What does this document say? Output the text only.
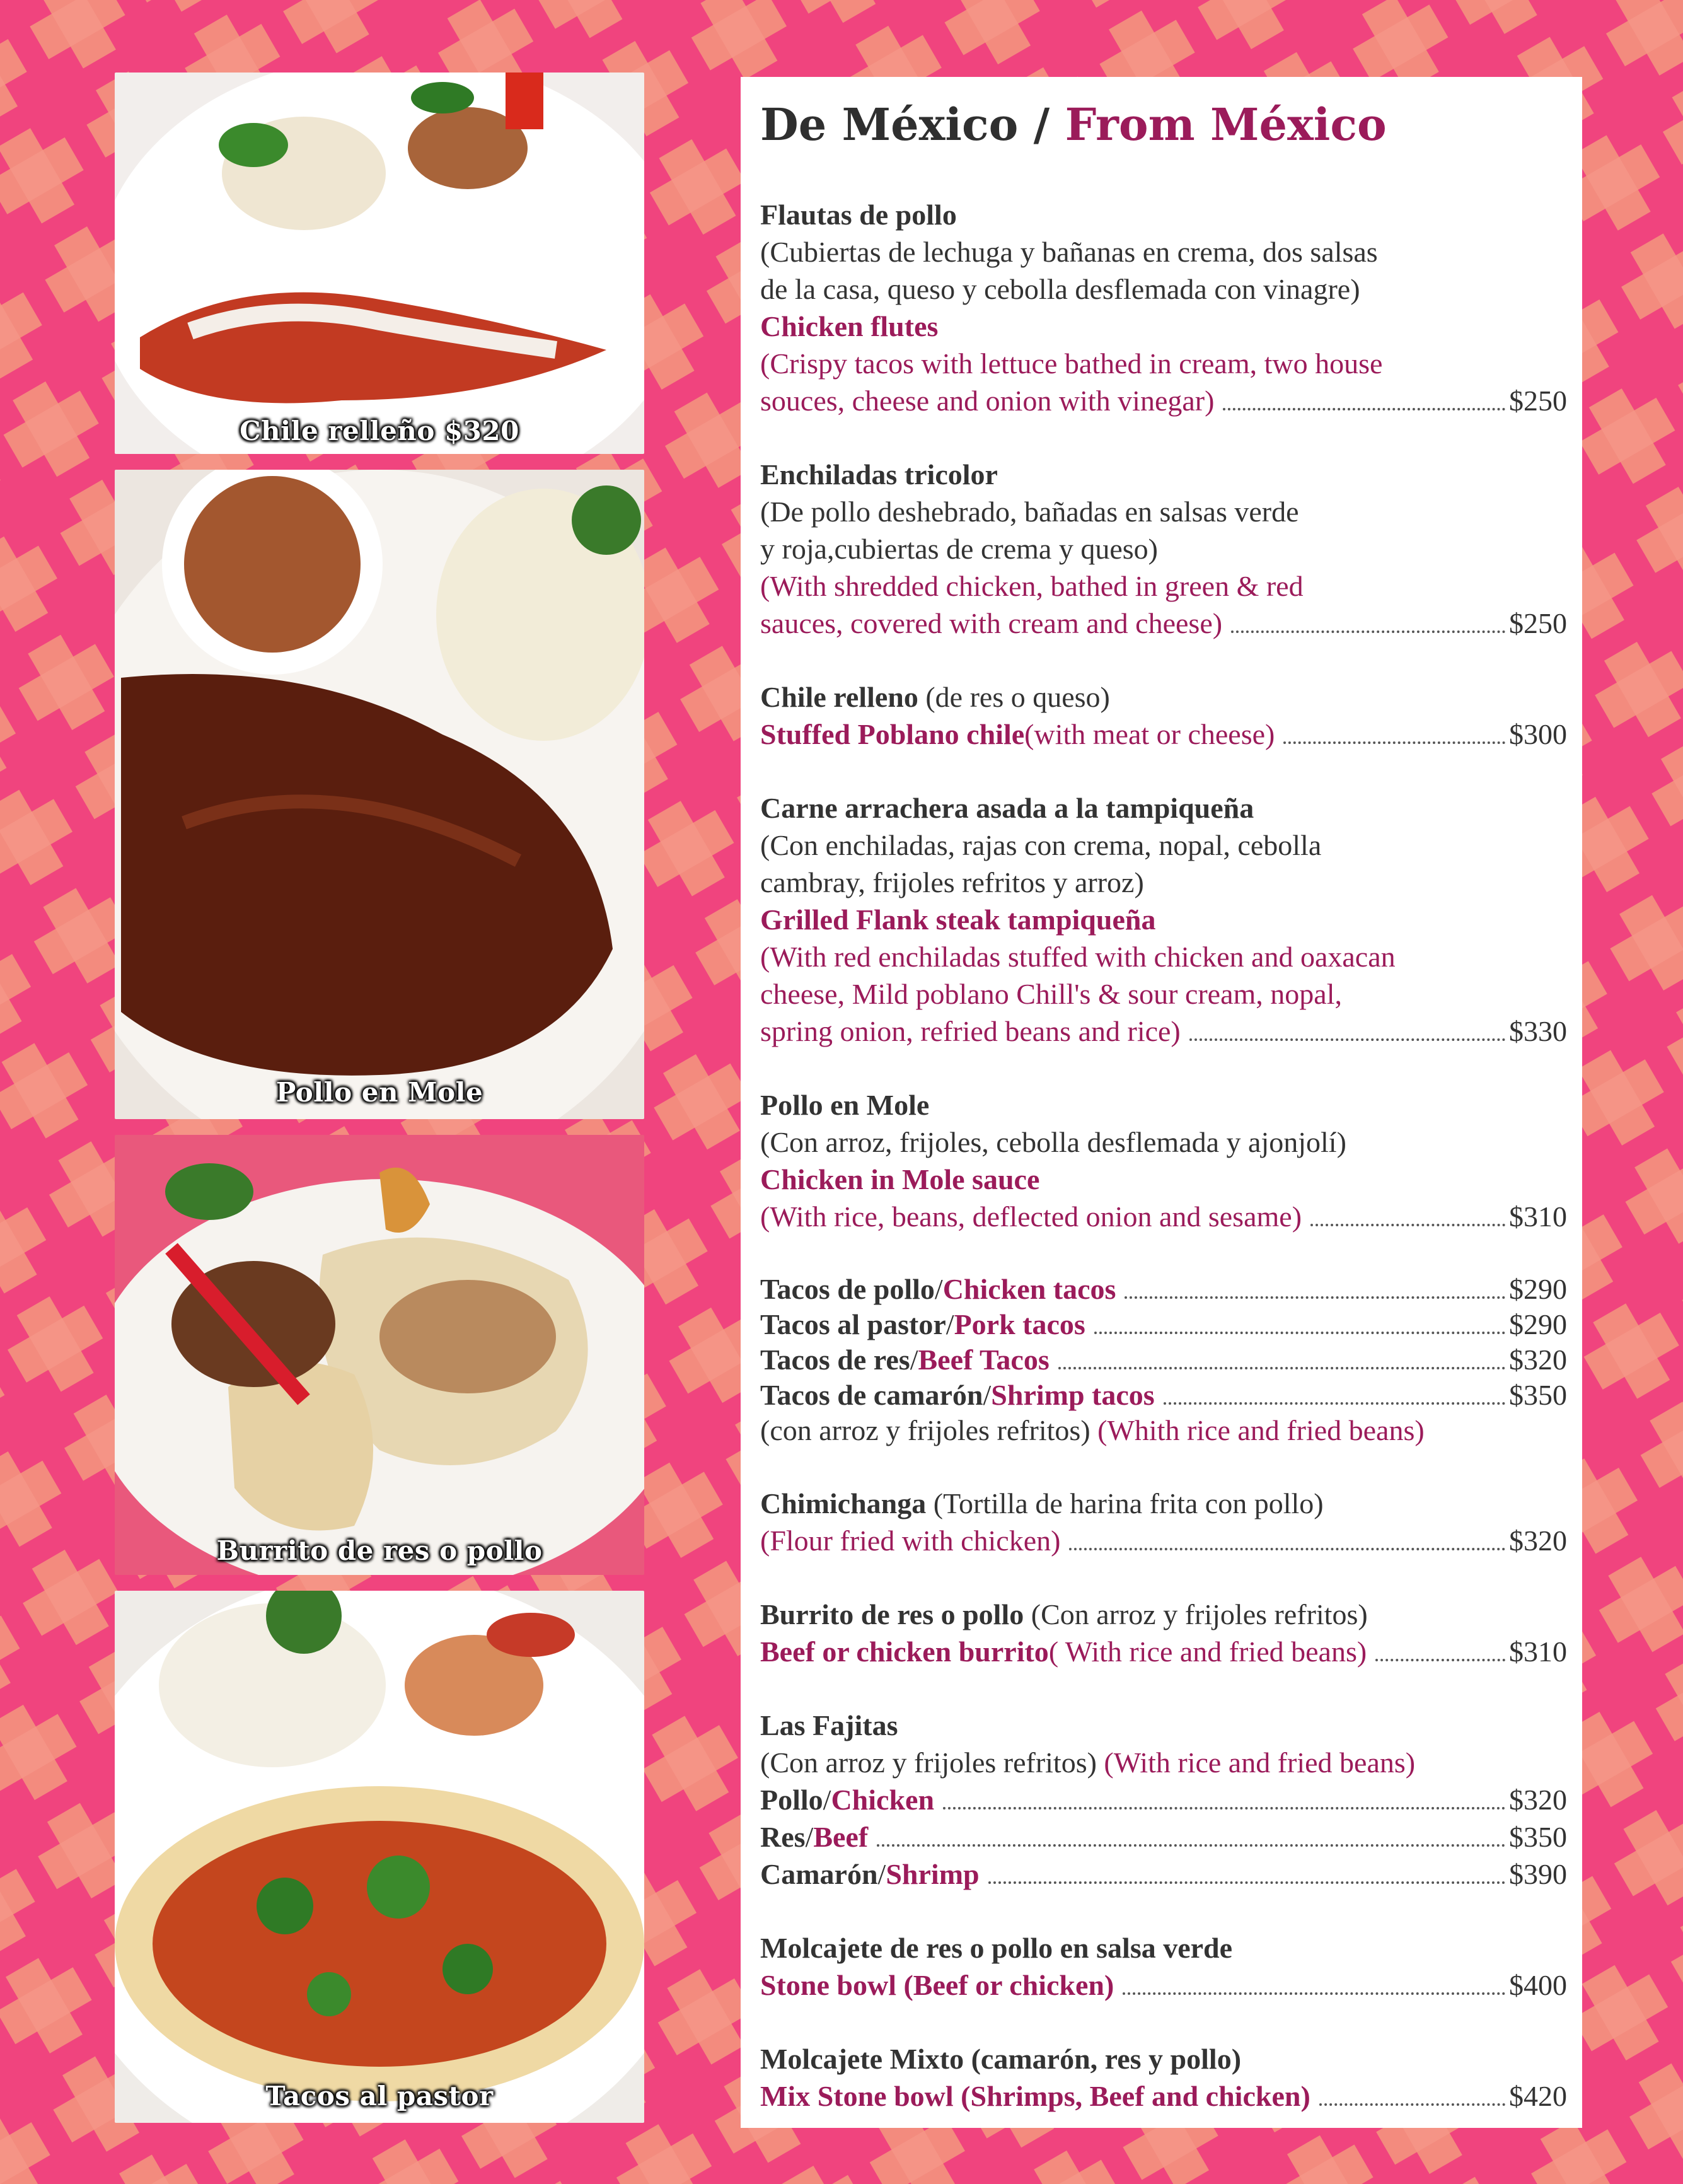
Chile relleño $320
Pollo en Mole
Burrito de res o pollo
Tacos al pastor
De México / From México
Flautas de pollo
(Cubiertas de lechuga y bañanas en crema, dos salsas
de la casa, queso y cebolla desflemada con vinagre)
Chicken flutes
(Crispy tacos with lettuce bathed in cream, two house
souces, cheese and onion with vinegar)	$250
Enchiladas tricolor
(De pollo deshebrado, bañadas en salsas verde
y roja,cubiertas de crema y queso)
(With shredded chicken, bathed in green & red
sauces, covered with cream and cheese)	$250
Chile relleno (de res o queso)
Stuffed Poblano chile (with meat or cheese)	$300
Carne arrachera asada a la tampiqueña
(Con enchiladas, rajas con crema, nopal, cebolla
cambray, frijoles refritos y arroz)
Grilled Flank steak tampiqueña
(With red enchiladas stuffed with chicken and oaxacan
cheese, Mild poblano Chill's & sour cream, nopal,
spring onion, refried beans and rice)	$330
Pollo en Mole
(Con arroz, frijoles, cebolla desflemada y ajonjolí)
Chicken in Mole sauce
(With rice, beans, deflected onion and sesame)	$310
Tacos de pollo / Chicken tacos	$290
Tacos al pastor / Pork tacos	$290
Tacos de res / Beef Tacos	$320
Tacos de camarón / Shrimp tacos	$350
(con arroz y frijoles refritos) (Whith rice and fried beans)
Chimichanga (Tortilla de harina frita con pollo)
(Flour fried with chicken)	$320
Burrito de res o pollo (Con arroz y frijoles refritos)
Beef or chicken burrito ( With rice and fried beans)	$310
Las Fajitas
(Con arroz y frijoles refritos) (With rice and fried beans)
Pollo / Chicken	$320
Res / Beef	$350
Camarón / Shrimp	$390
Molcajete de res o pollo en salsa verde
Stone bowl (Beef or chicken)	$400
Molcajete Mixto (camarón, res y pollo)
Mix Stone bowl (Shrimps, Beef and chicken)	$420
